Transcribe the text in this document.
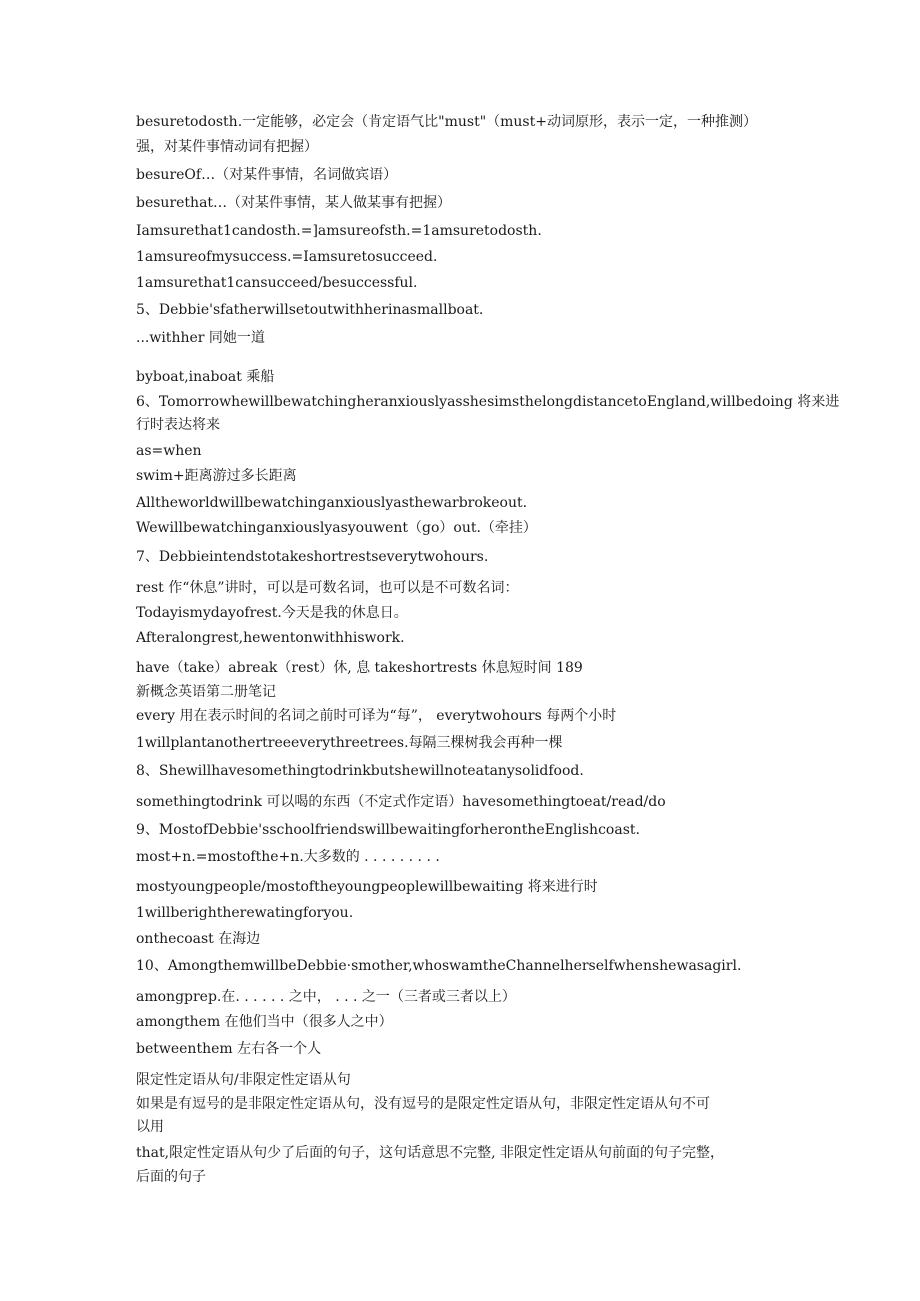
besuretodosth.一定能够，必定会（肯定语气比"must"（must+动词原形，表示一定，一种推测）
强，对某件事情动词有把握）
besureOf…（对某件事情，名词做宾语）
besurethat…（对某件事情，某人做某事有把握）
Iamsurethat1candosth.=]amsureofsth.=1amsuretodosth.
1amsureofmysuccess.=Iamsuretosucceed.
1amsurethat1cansucceed/besuccessful.
5、Debbie'sfatherwillsetoutwithherinasmallboat.
...withher 同她一道
byboat,inaboat 乘船
6、TomorrowhewillbewatchingheranxiouslyasshesimsthelongdistancetoEngland,willbedoing 将来进
行时表达将来
as=when
swim+距离游过多长距离
Alltheworldwillbewatchinganxiouslyasthewarbrokeout.
Wewillbewatchinganxiouslyasyouwent（go）out.（牵挂）
7、Debbieintendstotakeshortrestseverytwohours.
rest 作“休息”讲时，可以是可数名词，也可以是不可数名词：
Todayismydayofrest.今天是我的休息日。
Afteralongrest,hewentonwithhiswork.
have（take）abreak（rest）休, 息 takeshortrests 休息短时间 189
新概念英语第二册笔记
every 用在表示时间的名词之前时可译为“每”， everytwohours 每两个小时
1willplantanothertreeeverythreetrees.每隔三棵树我会再种一棵
8、Shewillhavesomethingtodrinkbutshewillnoteatanysolidfood.
somethingtodrink 可以喝的东西（不定式作定语）havesomethingtoeat/read/do
9、MostofDebbie'sschoolfriendswillbewaitingforherontheEnglishcoast.
most+n.=mostofthe+n.大多数的 . . . . . . . . .
mostyoungpeople/mostoftheyoungpeoplewillbewaiting 将来进行时
1willberightherewatingforyou.
onthecoast 在海边
10、AmongthemwillbeDebbie·smother,whoswamtheChannelherselfwhenshewasagirl.
amongprep.在. . . . . . 之中， . . . 之一（三者或三者以上）
amongthem 在他们当中（很多人之中）
betweenthem 左右各一个人
限定性定语从句/非限定性定语从句
如果是有逗号的是非限定性定语从句，没有逗号的是限定性定语从句，非限定性定语从句不可
以用
that,限定性定语从句少了后面的句子，这句话意思不完整, 非限定性定语从句前面的句子完整，
后面的句子
